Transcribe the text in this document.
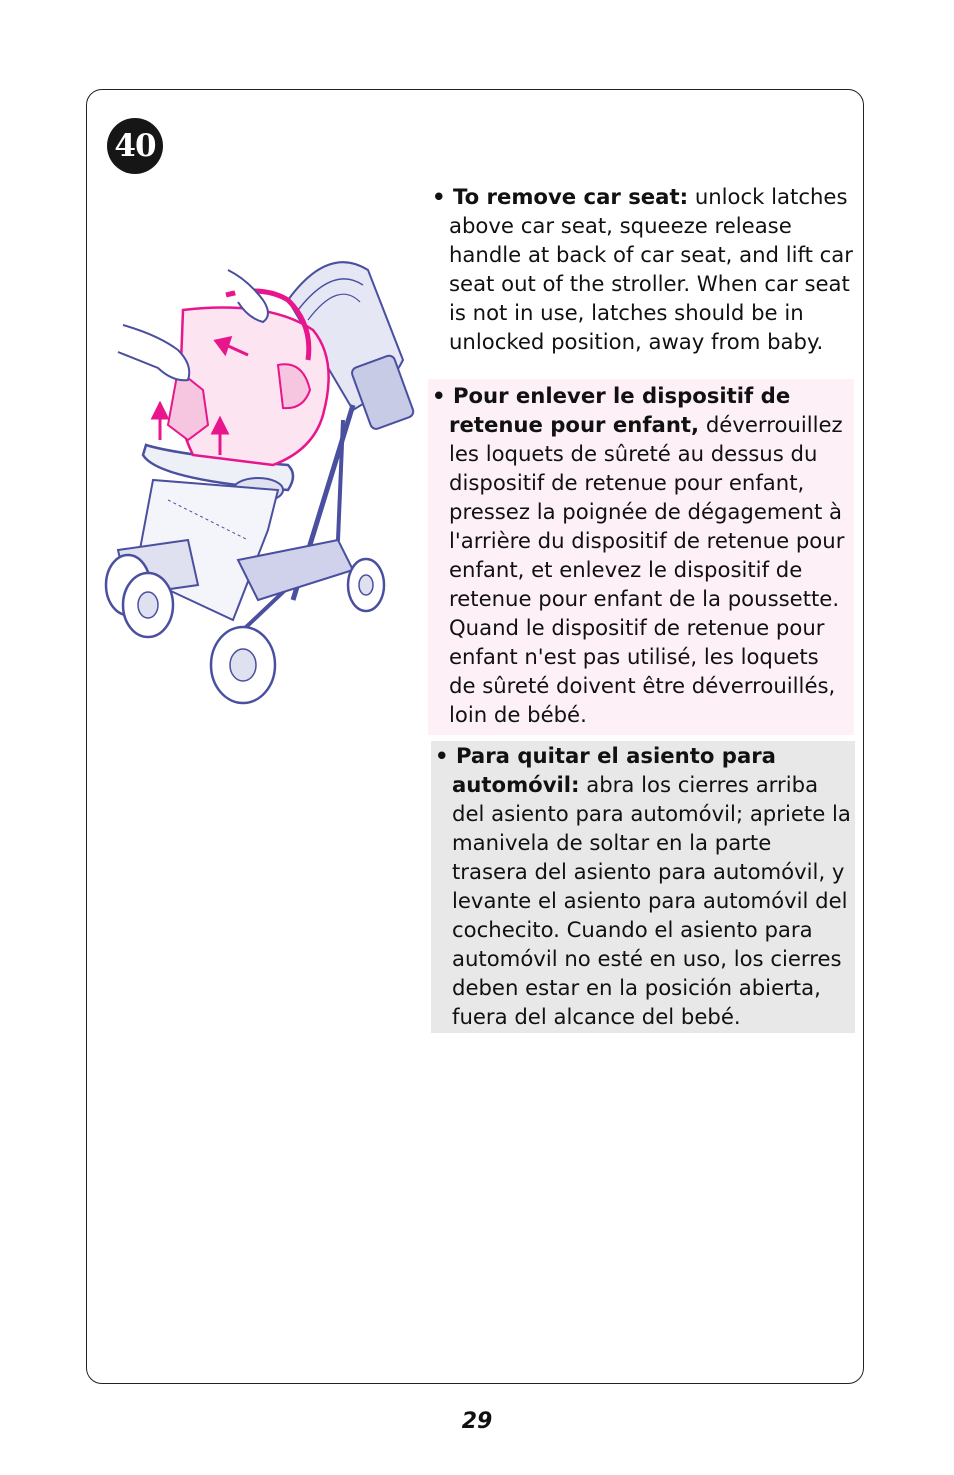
40

• To remove car seat: unlock latches above car seat, squeeze release handle at back of car seat, and lift car seat out of the stroller. When car seat is not in use, latches should be in unlocked position, away from baby.

• Pour enlever le dispositif de retenue pour enfant, déverrouillez les loquets de sûreté au dessus du dispositif de retenue pour enfant, pressez la poignée de dégagement à l'arrière du dispositif de retenue pour enfant, et enlevez le dispositif de retenue pour enfant de la poussette. Quand le dispositif de retenue pour enfant n'est pas utilisé, les loquets de sûreté doivent être déverrouillés, loin de bébé.

• Para quitar el asiento para automóvil: abra los cierres arriba del asiento para automóvil; apriete la manivela de soltar en la parte trasera del asiento para automóvil, y levante el asiento para automóvil del cochecito. Cuando el asiento para automóvil no esté en uso, los cierres deben estar en la posición abierta, fuera del alcance del bebé.

29
